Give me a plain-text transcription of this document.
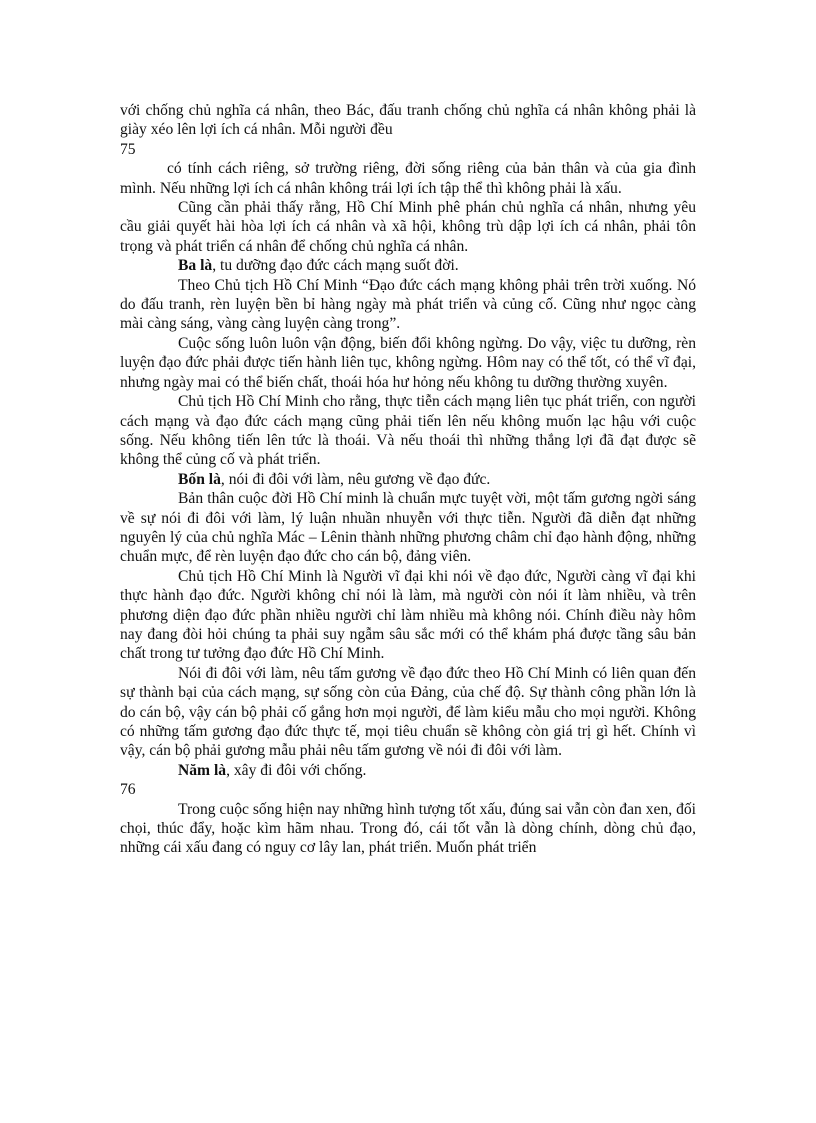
với chống chủ nghĩa cá nhân, theo Bác, đấu tranh chống chủ nghĩa cá nhân không phải là giày xéo lên lợi ích cá nhân. Mỗi người đều

75

có tính cách riêng, sở trường riêng, đời sống riêng của bản thân và của gia đình mình. Nếu những lợi ích cá nhân không trái lợi ích tập thể thì không phải là xấu.

Cũng cần phải thấy rằng, Hồ Chí Minh phê phán chủ nghĩa cá nhân, nhưng yêu cầu giải quyết hài hòa lợi ích cá nhân và xã hội, không trù dập lợi ích cá nhân, phải tôn trọng và phát triển cá nhân để chống chủ nghĩa cá nhân.

Ba là, tu dưỡng đạo đức cách mạng suốt đời.

Theo Chủ tịch Hồ Chí Minh “Đạo đức cách mạng không phải trên trời xuống. Nó do đấu tranh, rèn luyện bền bỉ hàng ngày mà phát triển và củng cố. Cũng như ngọc càng mài càng sáng, vàng càng luyện càng trong”.

Cuộc sống luôn luôn vận động, biến đổi không ngừng. Do vậy, việc tu dưỡng, rèn luyện đạo đức phải được tiến hành liên tục, không ngừng. Hôm nay có thể tốt, có thể vĩ đại, nhưng ngày mai có thể biến chất, thoái hóa hư hỏng nếu không tu dưỡng thường xuyên.

Chủ tịch Hồ Chí Minh cho rằng, thực tiễn cách mạng liên tục phát triển, con người cách mạng và đạo đức cách mạng cũng phải tiến lên nếu không muốn lạc hậu với cuộc sống. Nếu không tiến lên tức là thoái. Và nếu thoái thì những thắng lợi đã đạt được sẽ không thể củng cố và phát triển.

Bốn là, nói đi đôi với làm, nêu gương về đạo đức.

Bản thân cuộc đời Hồ Chí minh là chuẩn mực tuyệt vời, một tấm gương ngời sáng về sự nói đi đôi với làm, lý luận nhuần nhuyễn với thực tiễn. Người đã diễn đạt những nguyên lý của chủ nghĩa Mác – Lênin thành những phương châm chỉ đạo hành động, những chuẩn mực, để rèn luyện đạo đức cho cán bộ, đảng viên.

Chủ tịch Hồ Chí Minh là Người vĩ đại khi nói về đạo đức, Người càng vĩ đại khi thực hành đạo đức. Người không chỉ nói là làm, mà người còn nói ít làm nhiều, và trên phương diện đạo đức phần nhiều người chỉ làm nhiều mà không nói. Chính điều này hôm nay đang đòi hỏi chúng ta phải suy ngẫm sâu sắc mới có thể khám phá được tầng sâu bản chất trong tư tưởng đạo đức Hồ Chí Minh.

Nói đi đôi với làm, nêu tấm gương về đạo đức theo Hồ Chí Minh có liên quan đến sự thành bại của cách mạng, sự sống còn của Đảng, của chế độ. Sự thành công phần lớn là do cán bộ, vậy cán bộ phải cố gắng hơn mọi người, để làm kiểu mẫu cho mọi người. Không có những tấm gương đạo đức thực tế, mọi tiêu chuẩn sẽ không còn giá trị gì hết. Chính vì vậy, cán bộ phải gương mẫu phải nêu tấm gương về nói đi đôi với làm.

Năm là, xây đi đôi với chống.

76

Trong cuộc sống hiện nay những hình tượng tốt xấu, đúng sai vẫn còn đan xen, đối chọi, thúc đẩy, hoặc kìm hãm nhau. Trong đó, cái tốt vẫn là dòng chính, dòng chủ đạo, những cái xấu đang có nguy cơ lây lan, phát triển. Muốn phát triển
